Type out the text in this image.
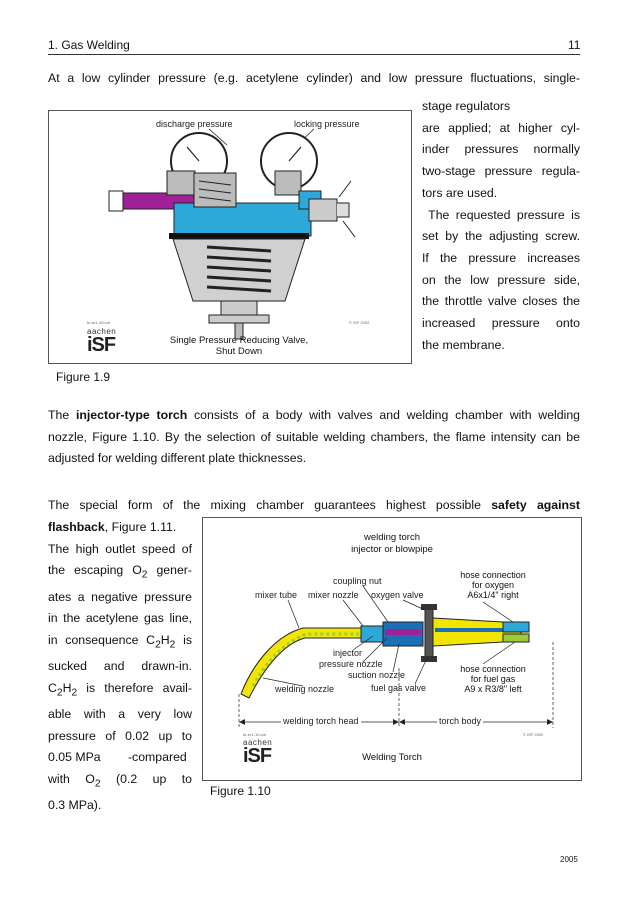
1. Gas Welding	11
At a low cylinder pressure (e.g. acetylene cylinder) and low pressure fluctuations, single-
stage regulators
are applied; at higher cyl-
inder pressures normally
two-stage pressure regula-
tors are used.
The requested pressure is
set by the adjusting screw.
If the pressure increases
on the low pressure side,
the throttle valve closes the
increased pressure onto
the membrane.
discharge pressure	locking pressure
br-er1-09.cdr	© ISF 2002
aachen
iSF	Single Pressure Reducing Valve,
Shut Down
Figure 1.9
The injector-type torch consists of a body with valves and welding chamber with welding
nozzle, Figure 1.10. By the selection of suitable welding chambers, the flame intensity can be
adjusted for welding different plate thicknesses.
The special form of the mixing chamber guarantees highest possible safety against
flashback, Figure 1.11.
The high outlet speed of
the escaping $O_2$ gener-
ates a negative pressure
in the acetylene gas line,
in consequence $C_2H_2$ is
sucked   and   drawn-in.
$C_2H_2$ is therefore avail-
able  with  a  very  low
pressure  of  0.02  up  to
0.05 MPa        -compared
with   $O_2$   (0.2   up   to
0.3 MPa).
welding torch
injector or blowpipe
coupling nut
mixer tube mixer nozzle oxygen valve
hose connection
for oxygen
A6x1/4" right
injector
pressure nozzle
suction nozzle
welding nozzle	fuel gas valve
hose connection
for fuel gas
A9 x R3/8" left
welding torch head	torch body
br-er1-10.cdr	© ISF 2002
aachen
iSF	Welding Torch
Figure 1.10
2005
